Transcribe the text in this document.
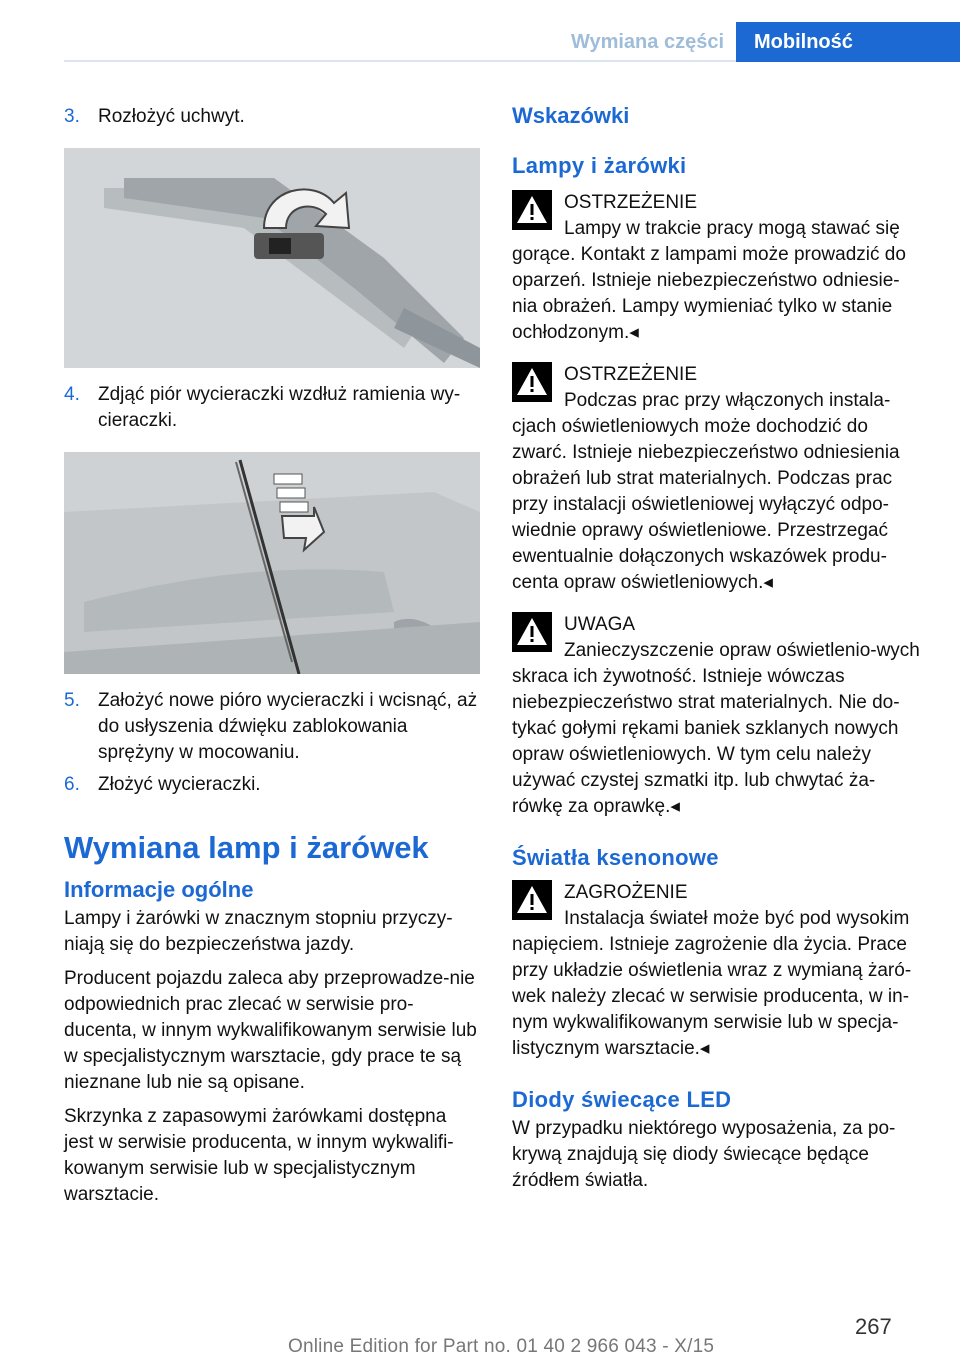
Wymiana części	Mobilność
3. Rozłożyć uchwyt.
4. Zdjąć piór wycieraczki wzdłuż ramienia wy-cieraczki.
5. Założyć nowe pióro wycieraczki i wcisnąć, aż do usłyszenia dźwięku zablokowania sprężyny w mocowaniu.
6. Złożyć wycieraczki.
Wymiana lamp i żarówek
Informacje ogólne

Lampy i żarówki w znacznym stopniu przyczy-niają się do bezpieczeństwa jazdy.

Producent pojazdu zaleca aby przeprowadze-nie odpowiednich prac zlecać w serwisie pro-ducenta, w innym wykwalifikowanym serwisie lub w specjalistycznym warsztacie, gdy prace te są nieznane lub nie są opisane.

Skrzynka z zapasowymi żarówkami dostępna jest w serwisie producenta, w innym wykwalifi-kowanym serwisie lub w specjalistycznym warsztacie.

Wskazówki
Lampy i żarówki
OSTRZEŻENIE
Lampy w trakcie pracy mogą stawać się gorące. Kontakt z lampami może prowadzić do oparzeń. Istnieje niebezpieczeństwo odniesie-nia obrażeń. Lampy wymieniać tylko w stanie ochłodzonym.◂
OSTRZEŻENIE
Podczas prac przy włączonych instala-cjach oświetleniowych może dochodzić do zwarć. Istnieje niebezpieczeństwo odniesienia obrażeń lub strat materialnych. Podczas prac przy instalacji oświetleniowej wyłączyć odpo-wiednie oprawy oświetleniowe. Przestrzegać ewentualnie dołączonych wskazówek produ-centa opraw oświetleniowych.◂
UWAGA
Zanieczyszczenie opraw oświetlenio-wych skraca ich żywotność. Istnieje wówczas niebezpieczeństwo strat materialnych. Nie do-tykać gołymi rękami baniek szklanych nowych opraw oświetleniowych. W tym celu należy używać czystej szmatki itp. lub chwytać ża-rówkę za oprawkę.◂
Światła ksenonowe
ZAGROŻENIE
Instalacja świateł może być pod wysokim napięciem. Istnieje zagrożenie dla życia. Prace przy układzie oświetlenia wraz z wymianą żaró-wek należy zlecać w serwisie producenta, w in-nym wykwalifikowanym serwisie lub w specja-listycznym warsztacie.◂
Diody świecące LED

W przypadku niektórego wyposażenia, za po-krywą znajdują się diody świecące będące źródłem światła.

267
Online Edition for Part no. 01 40 2 966 043 - X/15
